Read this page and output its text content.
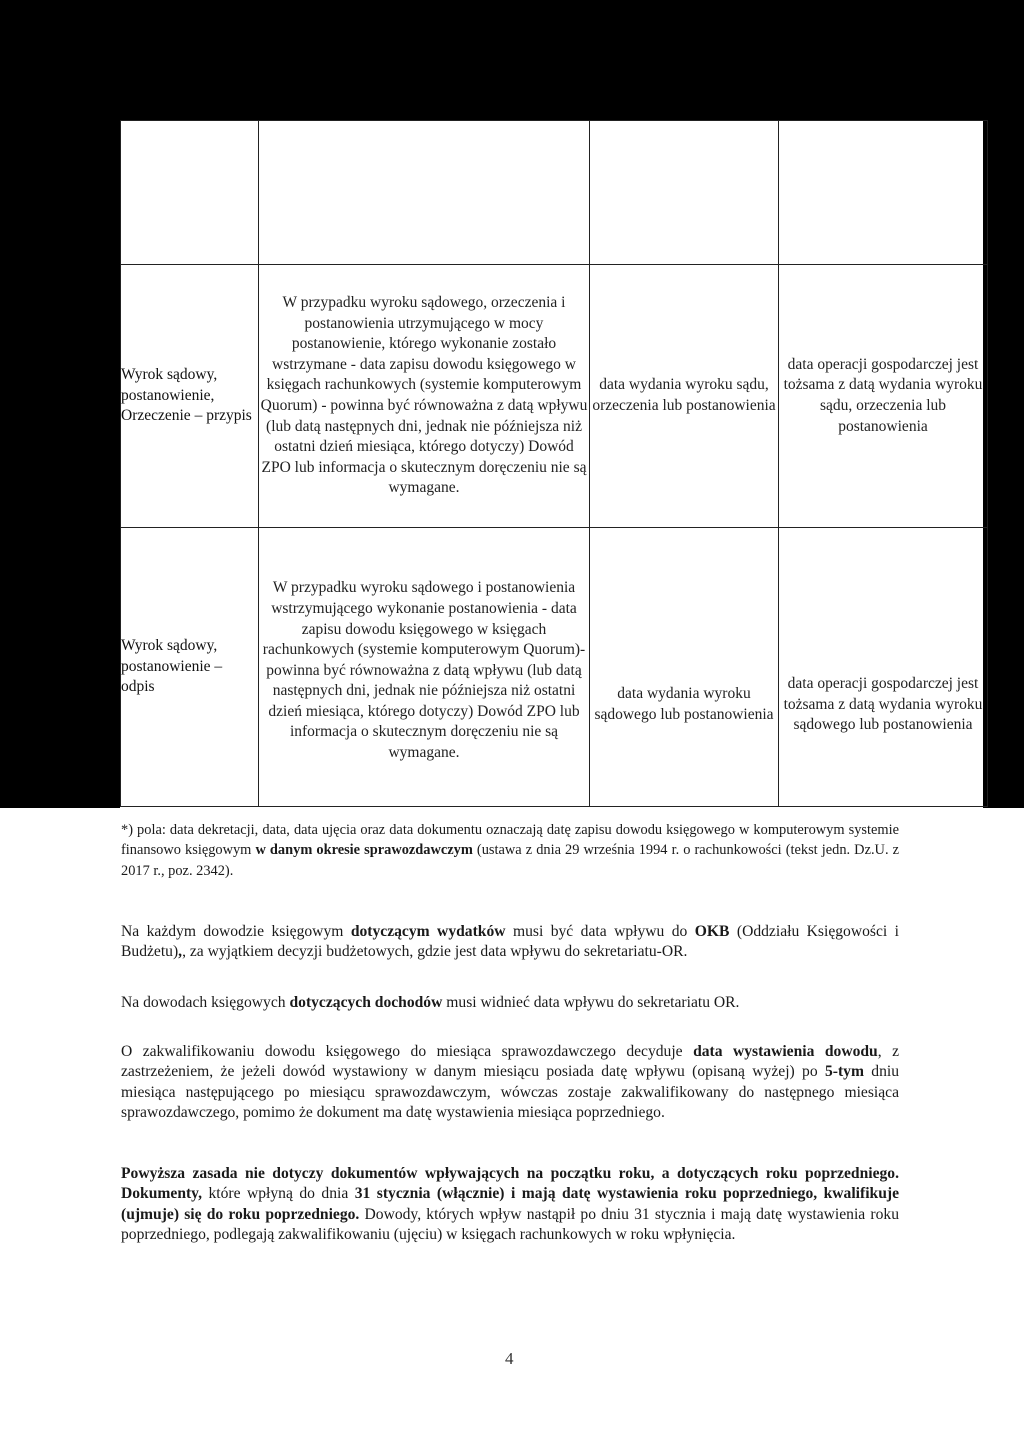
Wyrok sądowy, postanowienie, Orzeczenie – przypis	W przypadku wyroku sądowego, orzeczenia i postanowienia utrzymującego w mocy postanowienie, którego wykonanie zostało wstrzymane - data zapisu dowodu księgowego w księgach rachunkowych (systemie komputerowym Quorum) - powinna być równoważna z datą wpływu (lub datą następnych dni, jednak nie późniejsza niż ostatni dzień miesiąca, którego dotyczy) Dowód ZPO lub informacja o skutecznym doręczeniu nie są wymagane.	data wydania wyroku sądu, orzeczenia lub postanowienia	data operacji gospodarczej jest tożsama z datą wydania wyroku sądu, orzeczenia lub postanowienia

Wyrok sądowy, postanowienie – odpis	W przypadku wyroku sądowego i postanowienia wstrzymującego wykonanie postanowienia - data zapisu dowodu księgowego w księgach rachunkowych (systemie komputerowym Quorum)- powinna być równoważna z datą wpływu (lub datą następnych dni, jednak nie późniejsza niż ostatni dzień miesiąca, którego dotyczy) Dowód ZPO lub informacja o skutecznym doręczeniu nie są wymagane.	data wydania wyroku sądowego lub postanowienia	data operacji gospodarczej jest tożsama z datą wydania wyroku sądowego lub postanowienia
*) pola: data dekretacji, data, data ujęcia oraz data dokumentu oznaczają datę zapisu dowodu księgowego w komputerowym systemie finansowo księgowym w danym okresie sprawozdawczym (ustawa z dnia 29 września 1994 r. o rachunkowości (tekst jedn. Dz.U. z 2017 r., poz. 2342).

Na każdym dowodzie księgowym dotyczącym wydatków musi być data wpływu do OKB (Oddziału Księgowości i Budżetu),, za wyjątkiem decyzji budżetowych, gdzie jest data wpływu do sekretariatu-OR.

Na dowodach księgowych dotyczących dochodów musi widnieć data wpływu do sekretariatu OR.

O zakwalifikowaniu dowodu księgowego do miesiąca sprawozdawczego decyduje data wystawienia dowodu, z zastrzeżeniem, że jeżeli dowód wystawiony w danym miesiącu posiada datę wpływu (opisaną wyżej) po 5-tym dniu miesiąca następującego po miesiącu sprawozdawczym, wówczas zostaje zakwalifikowany do następnego miesiąca sprawozdawczego, pomimo że dokument ma datę wystawienia miesiąca poprzedniego.

Powyższa zasada nie dotyczy dokumentów wpływających na początku roku, a dotyczących roku poprzedniego. Dokumenty, które wpłyną do dnia 31 stycznia (włącznie) i mają datę wystawienia roku poprzedniego, kwalifikuje (ujmuje) się do roku poprzedniego. Dowody, których wpływ nastąpił po dniu 31 stycznia i mają datę wystawienia roku poprzedniego, podlegają zakwalifikowaniu (ujęciu) w księgach rachunkowych w roku wpłynięcia.

4
